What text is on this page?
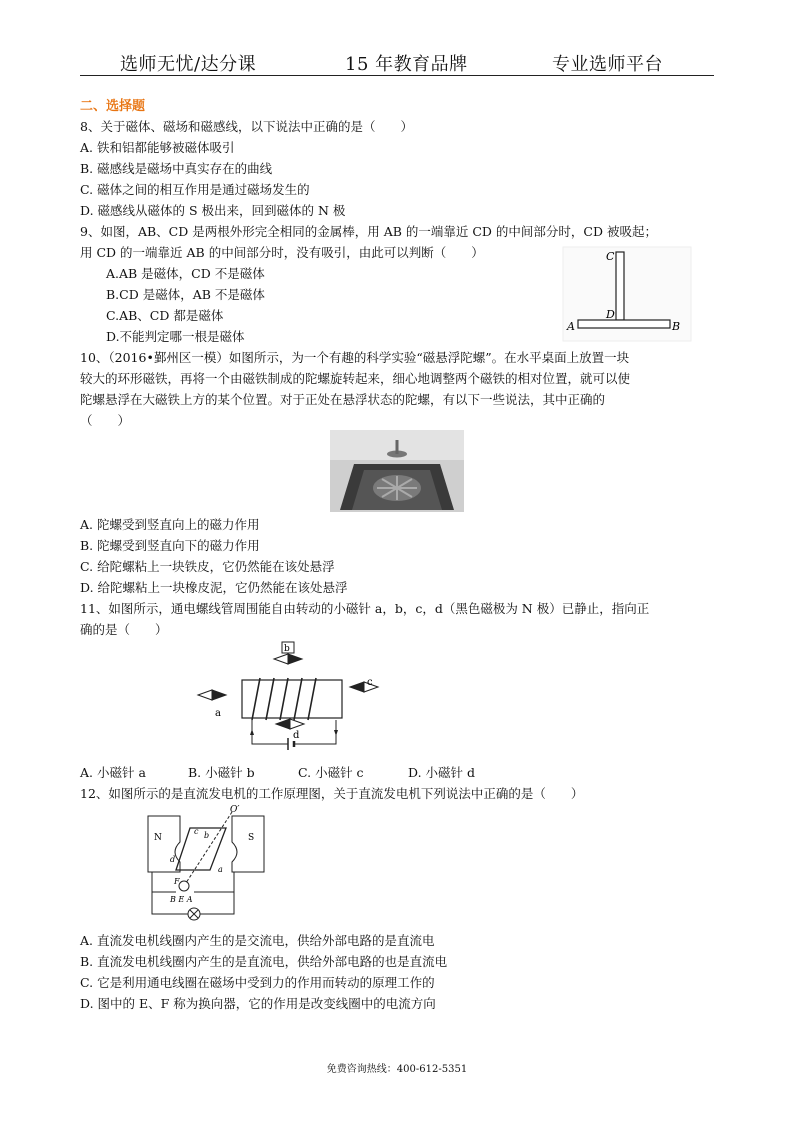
选师无忧/达分课	15 年教育品牌	专业选师平台
二、选择题
8、关于磁体、磁场和磁感线，以下说法中正确的是（　　）
A. 铁和铝都能够被磁体吸引
B. 磁感线是磁场中真实存在的曲线
C. 磁体之间的相互作用是通过磁场发生的
D. 磁感线从磁体的 S 极出来，回到磁体的 N 极
9、如图，AB、CD 是两根外形完全相同的金属棒，用 AB 的一端靠近 CD 的中间部分时，CD 被吸起；
用 CD 的一端靠近 AB 的中间部分时，没有吸引，由此可以判断（　　）
A.AB 是磁体，CD 不是磁体
B.CD 是磁体，AB 不是磁体
C.AB、CD 都是磁体
D.不能判定哪一根是磁体
C
D
A	B
10、（2016•鄞州区一模）如图所示，为一个有趣的科学实验“磁悬浮陀螺”。在水平桌面上放置一块
较大的环形磁铁，再将一个由磁铁制成的陀螺旋转起来，细心地调整两个磁铁的相对位置，就可以使
陀螺悬浮在大磁铁上方的某个位置。对于正处在悬浮状态的陀螺，有以下一些说法，其中正确的
（　　）
A. 陀螺受到竖直向上的磁力作用
B. 陀螺受到竖直向下的磁力作用
C. 给陀螺粘上一块铁皮，它仍然能在该处悬浮
D. 给陀螺粘上一块橡皮泥，它仍然能在该处悬浮
11、如图所示，通电螺线管周围能自由转动的小磁针 a，b，c，d（黑色磁极为 N 极）已静止，指向正
确的是（　　）
a
b
c
d
A. 小磁针 a	B. 小磁针 b	C. 小磁针 c	D. 小磁针 d
12、如图所示的是直流发电机的工作原理图，关于直流发电机下列说法中正确的是（　　）
N	S
O′
c b
d
a
F
B E A
A. 直流发电机线圈内产生的是交流电，供给外部电路的是直流电
B. 直流发电机线圈内产生的是直流电，供给外部电路的也是直流电
C. 它是利用通电线圈在磁场中受到力的作用而转动的原理工作的
D. 图中的 E、F 称为换向器，它的作用是改变线圈中的电流方向
免费咨询热线：400-612-5351
